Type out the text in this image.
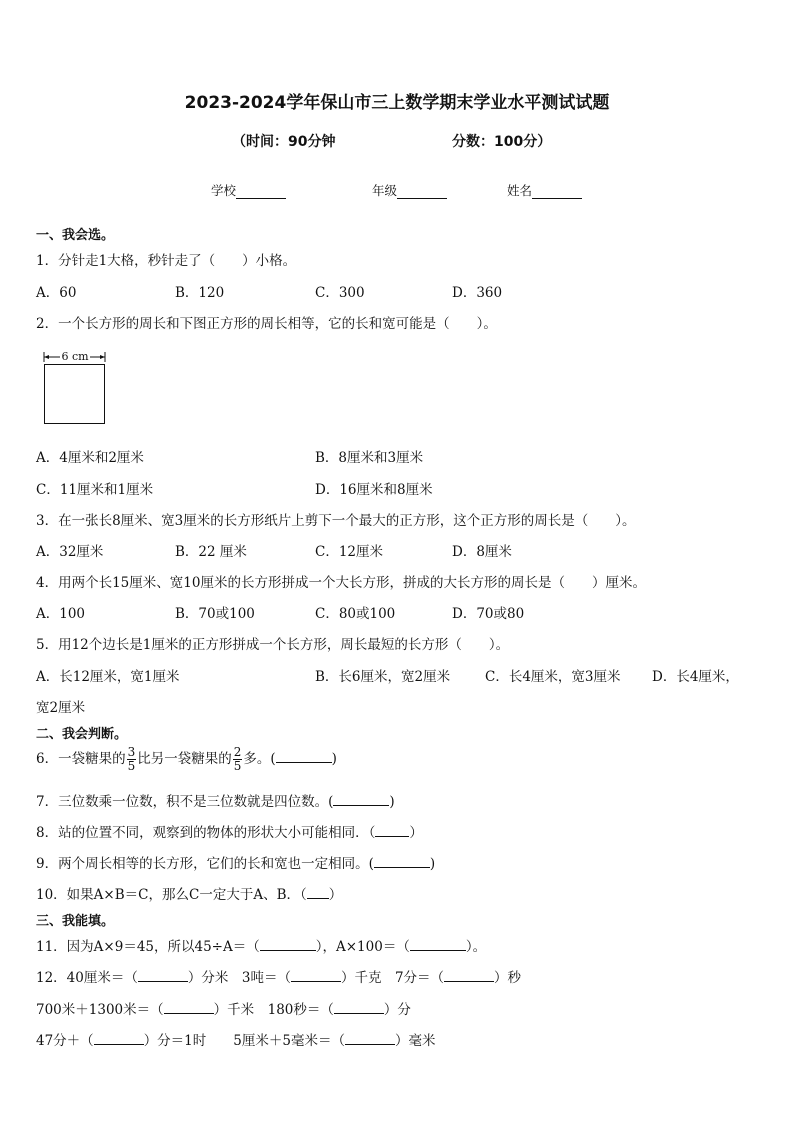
2023-2024学年保山市三上数学期末学业水平测试试题
（时间：90分钟	分数：100分）
学校	年级	姓名
一、我会选。
1．分针走1大格，秒针走了（　　）小格。
A．60	B．120	C．300	D．360
2．一个长方形的周长和下图正方形的周长相等，它的长和宽可能是（　　）。
6 cm
A．4厘米和2厘米	B．8厘米和3厘米
C．11厘米和1厘米	D．16厘米和8厘米
3．在一张长8厘米、宽3厘米的长方形纸片上剪下一个最大的正方形，这个正方形的周长是（　　）。
A．32厘米	B．22 厘米	C．12厘米	D．8厘米
4．用两个长15厘米、宽10厘米的长方形拼成一个大长方形，拼成的大长方形的周长是（　　）厘米。
A．100	B．70或100	C．80或100	D．70或80
5．用12个边长是1厘米的正方形拼成一个长方形，周长最短的长方形（　　）。
A．长12厘米，宽1厘米	B．长6厘米，宽2厘米	C．长4厘米，宽3厘米 D．长4厘米，
宽2厘米
二、我会判断。
6．一袋糖果的 $\frac{3}{5}$ 比另一袋糖果的 $\frac{2}{5}$ 多。(	)
7．三位数乘一位数，积不是三位数就是四位数。(	)
8．站的位置不同，观察到的物体的形状大小可能相同．（	）
9．两个周长相等的长方形，它们的长和宽也一定相同。(	)
10．如果A×B＝C，那么C一定大于A、B．（ ）
三、我能填。
11．因为A×9＝45，所以45÷A＝（	），A×100＝（	）。
12．40厘米＝（	）分米　3吨＝（	）千克　7分＝（	）秒
700米＋1300米＝（	）千米　180秒＝（	）分
47分＋（	）分＝1时　　5厘米＋5毫米＝（	）毫米
